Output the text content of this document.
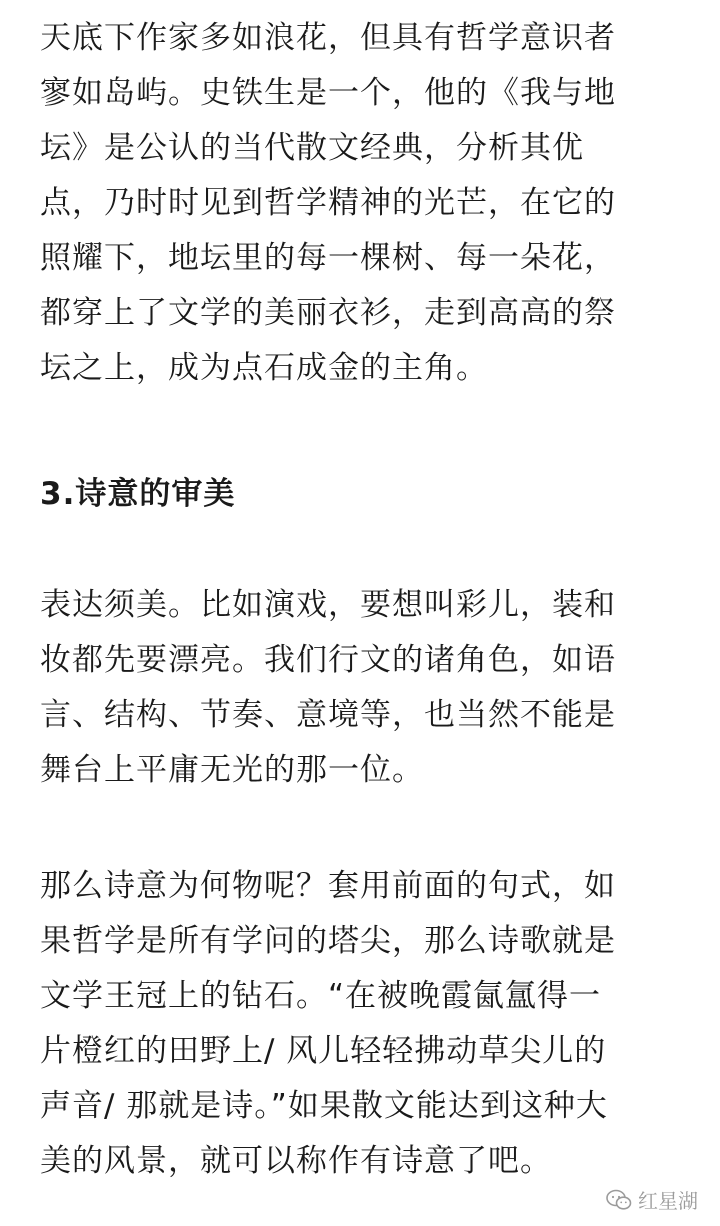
天底下作家多如浪花，但具有哲学意识者
寥如岛屿。史铁生是一个，他的《我与地
坛》是公认的当代散文经典，分析其优
点，乃时时见到哲学精神的光芒，在它的
照耀下，地坛里的每一棵树、每一朵花，
都穿上了文学的美丽衣衫，走到高高的祭
坛之上，成为点石成金的主角。

3.诗意的审美

表达须美。比如演戏，要想叫彩儿，装和
妆都先要漂亮。我们行文的诸角色，如语
言、结构、节奏、意境等，也当然不能是
舞台上平庸无光的那一位。

那么诗意为何物呢？套用前面的句式，如
果哲学是所有学问的塔尖，那么诗歌就是
文学王冠上的钻石。“在被晚霞氤氲得一
片橙红的田野上/ 风儿轻轻拂动草尖儿的
声音/ 那就是诗。”如果散文能达到这种大
美的风景，就可以称作有诗意了吧。

红星湖
